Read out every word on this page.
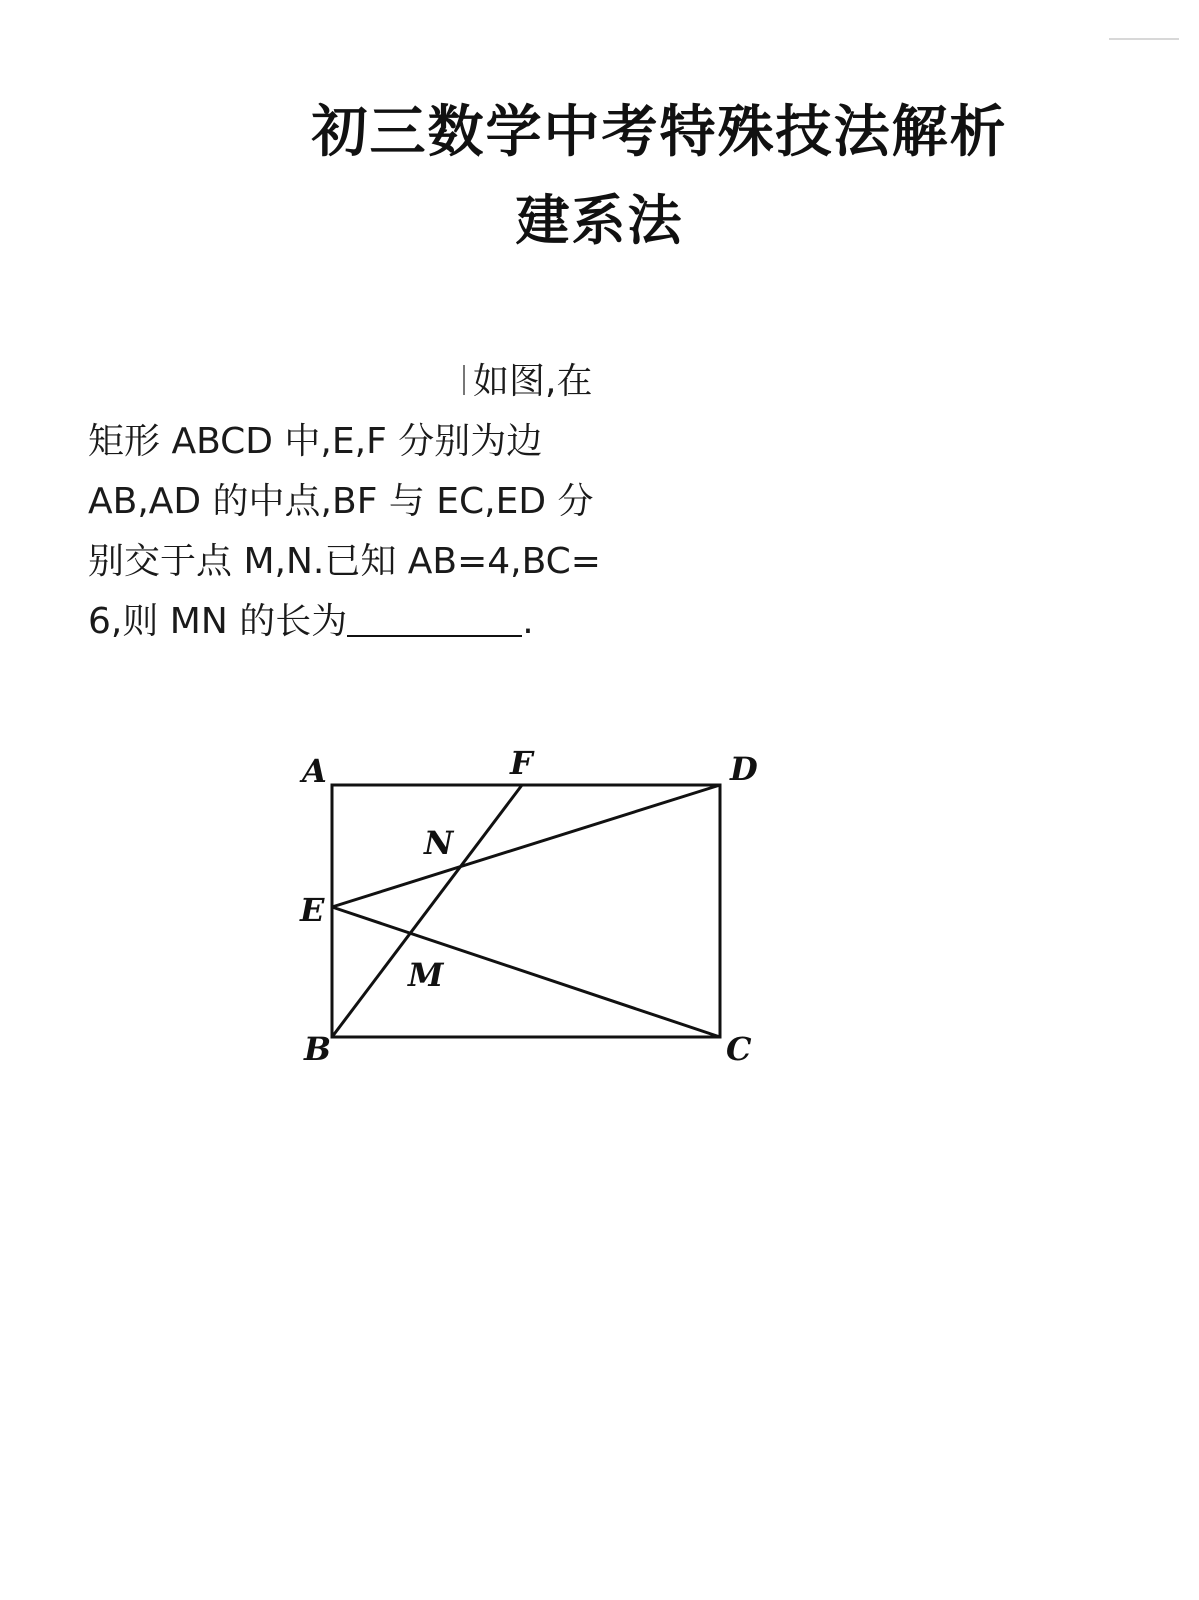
初三数学中考特殊技法解析
建系法
如图,在
矩形 ABCD 中,E,F 分别为边
AB,AD 的中点,BF 与 EC,ED 分
别交于点 M,N.已知 AB=4,BC=
6,则 MN 的长为	.
A	F	D
N
E
M
B	C
